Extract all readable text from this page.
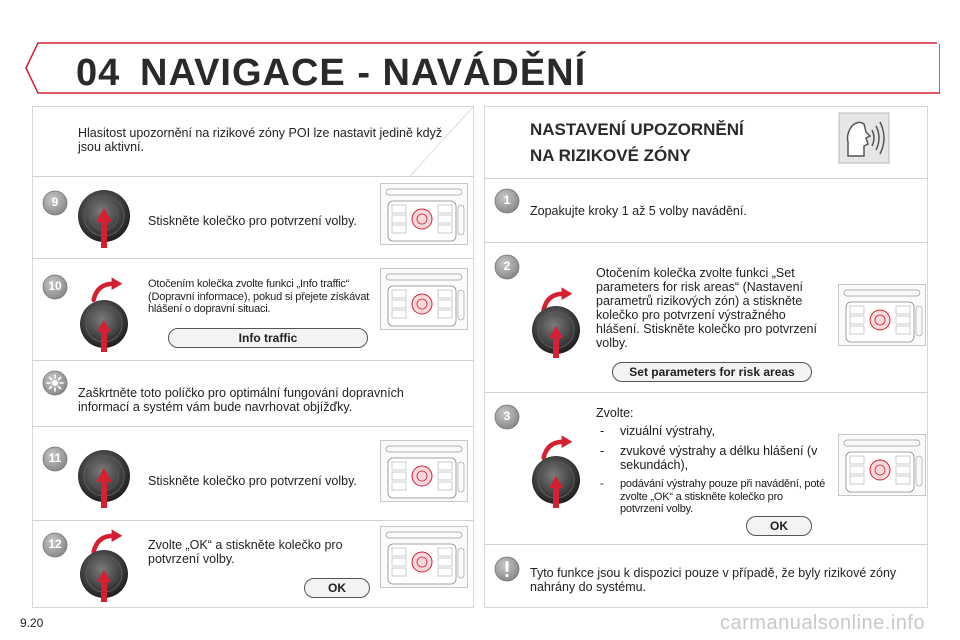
04 NAVIGACE - NAVÁDĚNÍ
Hlasitost upozornění na rizikové zóny POI lze nastavit jedině když jsou aktivní.
9
Stiskněte kolečko pro potvrzení volby.
10	Otočením kolečka zvolte funkci „Info traffic“ (Dopravní informace), pokud si přejete získávat hlášení o dopravní situaci.
Info traffic
Zaškrtněte toto políčko pro optimální fungování dopravních informací a systém vám bude navrhovat objížďky.
11
Stiskněte kolečko pro potvrzení volby.
12	Zvolte „OK“ a stiskněte kolečko pro potvrzení volby.
OK
NASTAVENÍ UPOZORNĚNÍ
NA RIZIKOVÉ ZÓNY
1
Zopakujte kroky 1 až 5 volby navádění.
2	Otočením kolečka zvolte funkci „Set parameters for risk areas“ (Nastavení parametrů rizikových zón) a stiskněte kolečko pro potvrzení výstražného hlášení. Stiskněte kolečko pro potvrzení volby.
Set parameters for risk areas
3	Zvolte:
- vizuální výstrahy,
- zvukové výstrahy a délku hlášení (v sekundách),
- podávání výstrahy pouze při navádění, poté zvolte „OK“ a stiskněte kolečko pro potvrzení volby.
OK
Tyto funkce jsou k dispozici pouze v případě, že byly rizikové zóny nahrány do systému.
9.20	carmanualsonline.info
